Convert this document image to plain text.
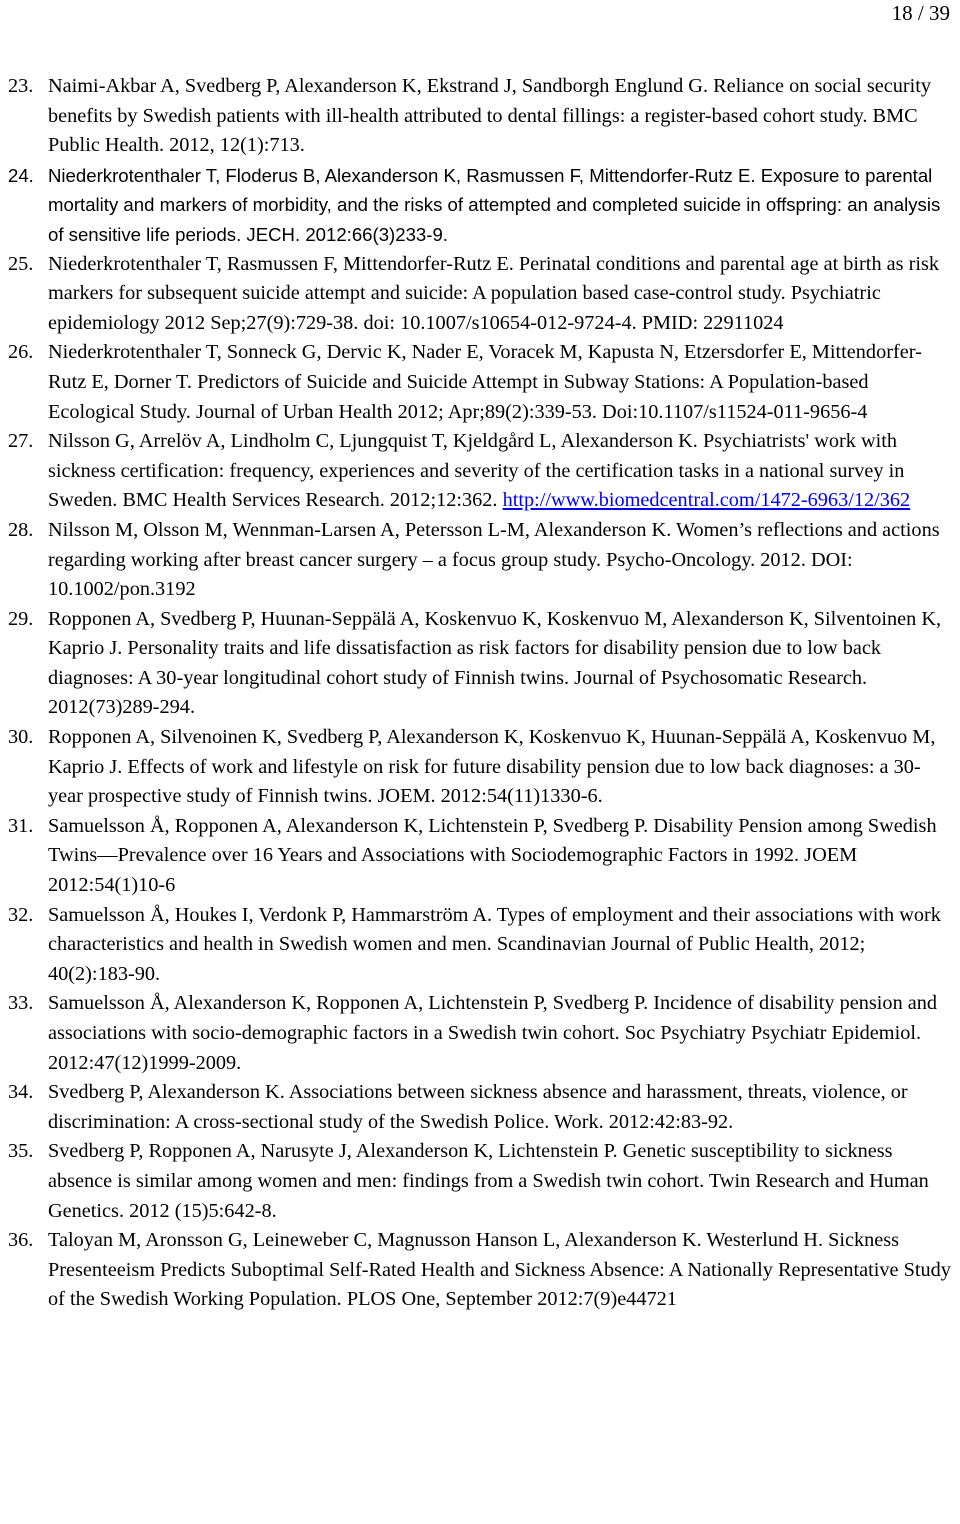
18 / 39
23. Naimi-Akbar A, Svedberg P, Alexanderson K, Ekstrand J, Sandborgh Englund G. Reliance on social security benefits by Swedish patients with ill-health attributed to dental fillings: a register-based cohort study. BMC Public Health. 2012, 12(1):713.
24. Niederkrotenthaler T, Floderus B, Alexanderson K, Rasmussen F, Mittendorfer-Rutz E. Exposure to parental mortality and markers of morbidity, and the risks of attempted and completed suicide in offspring: an analysis of sensitive life periods. JECH. 2012:66(3)233-9.
25. Niederkrotenthaler T, Rasmussen F, Mittendorfer-Rutz E. Perinatal conditions and parental age at birth as risk markers for subsequent suicide attempt and suicide: A population based case-control study. Psychiatric epidemiology 2012 Sep;27(9):729-38. doi: 10.1007/s10654-012-9724-4. PMID: 22911024
26. Niederkrotenthaler T, Sonneck G, Dervic K, Nader E, Voracek M, Kapusta N, Etzersdorfer E, Mittendorfer-Rutz E, Dorner T. Predictors of Suicide and Suicide Attempt in Subway Stations: A Population-based Ecological Study. Journal of Urban Health 2012; Apr;89(2):339-53. Doi:10.1107/s11524-011-9656-4
27. Nilsson G, Arrelöv A, Lindholm C, Ljungquist T, Kjeldgård L, Alexanderson K. Psychiatrists' work with sickness certification: frequency, experiences and severity of the certification tasks in a national survey in Sweden. BMC Health Services Research. 2012;12:362. http://www.biomedcentral.com/1472-6963/12/362
28. Nilsson M, Olsson M, Wennman-Larsen A, Petersson L-M, Alexanderson K. Women’s reflections and actions regarding working after breast cancer surgery – a focus group study. Psycho-Oncology. 2012. DOI: 10.1002/pon.3192
29. Ropponen A, Svedberg P, Huunan-Seppälä A, Koskenvuo K, Koskenvuo M, Alexanderson K, Silventoinen K, Kaprio J. Personality traits and life dissatisfaction as risk factors for disability pension due to low back diagnoses: A 30-year longitudinal cohort study of Finnish twins. Journal of Psychosomatic Research. 2012(73)289-294.
30. Ropponen A, Silvenoinen K, Svedberg P, Alexanderson K, Koskenvuo K, Huunan-Seppälä A, Koskenvuo M, Kaprio J. Effects of work and lifestyle on risk for future disability pension due to low back diagnoses: a 30-year prospective study of Finnish twins. JOEM. 2012:54(11)1330-6.
31. Samuelsson Å, Ropponen A, Alexanderson K, Lichtenstein P, Svedberg P. Disability Pension among Swedish Twins—Prevalence over 16 Years and Associations with Sociodemographic Factors in 1992. JOEM 2012:54(1)10-6
32. Samuelsson Å, Houkes I, Verdonk P, Hammarström A. Types of employment and their associations with work characteristics and health in Swedish women and men. Scandinavian Journal of Public Health, 2012; 40(2):183-90.
33. Samuelsson Å, Alexanderson K, Ropponen A, Lichtenstein P, Svedberg P. Incidence of disability pension and associations with socio-demographic factors in a Swedish twin cohort. Soc Psychiatry Psychiatr Epidemiol. 2012:47(12)1999-2009.
34. Svedberg P, Alexanderson K. Associations between sickness absence and harassment, threats, violence, or discrimination: A cross-sectional study of the Swedish Police. Work. 2012:42:83-92.
35. Svedberg P, Ropponen A, Narusyte J, Alexanderson K, Lichtenstein P. Genetic susceptibility to sickness absence is similar among women and men: findings from a Swedish twin cohort. Twin Research and Human Genetics. 2012 (15)5:642-8.
36. Taloyan M, Aronsson G, Leineweber C, Magnusson Hanson L, Alexanderson K. Westerlund H. Sickness Presenteeism Predicts Suboptimal Self-Rated Health and Sickness Absence: A Nationally Representative Study of the Swedish Working Population. PLOS One, September 2012:7(9)e44721
